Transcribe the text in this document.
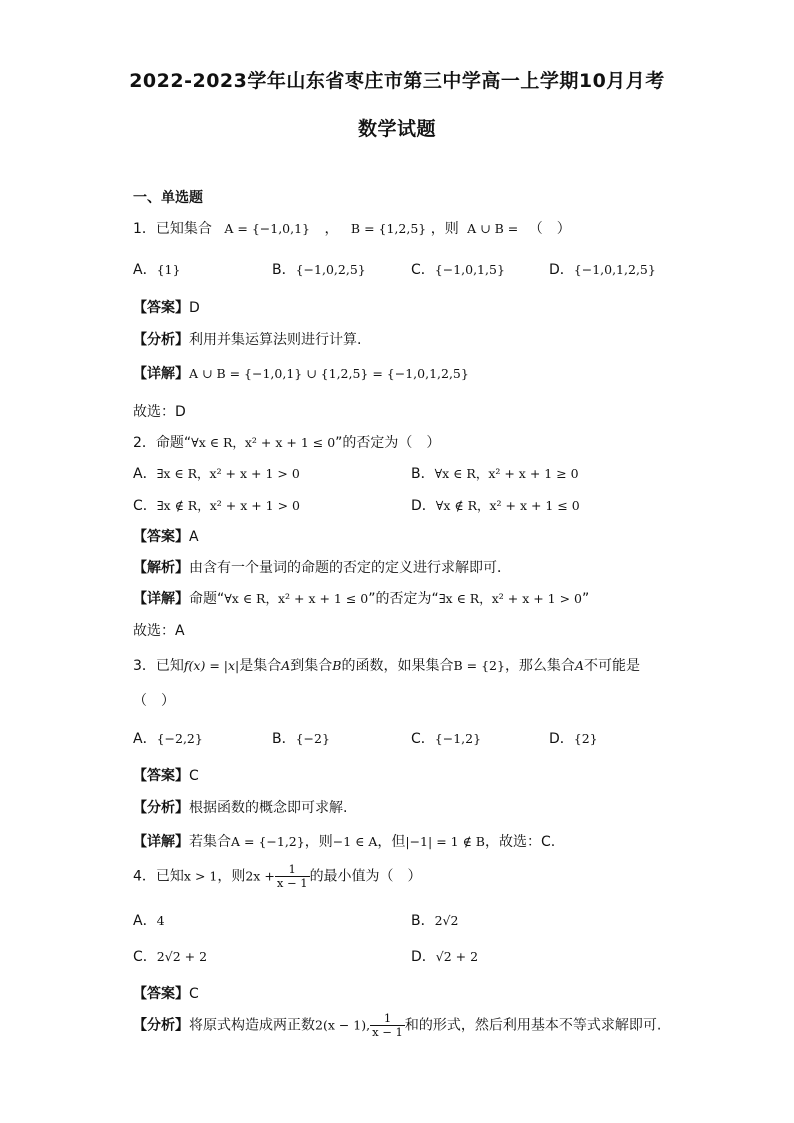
2022-2023学年山东省枣庄市第三中学高一上学期10月月考
数学试题
一、单选题
1．已知集合 A = {−1,0,1} ， B = {1,2,5} ，则 A ∪ B = （　）
A．{1}	B．{−1,0,2,5}	C．{−1,0,1,5}	D．{−1,0,1,2,5}
【答案】D
【分析】利用并集运算法则进行计算.
【详解】A ∪ B = {−1,0,1} ∪ {1,2,5} = {−1,0,1,2,5}
故选：D
2．命题“∀x ∈ R，x² + x + 1 ≤ 0”的否定为（　）
A．∃x ∈ R，x² + x + 1 > 0	B．∀x ∈ R，x² + x + 1 ≥ 0
C．∃x ∉ R，x² + x + 1 > 0	D．∀x ∉ R，x² + x + 1 ≤ 0
【答案】A
【解析】由含有一个量词的命题的否定的定义进行求解即可．
【详解】命题“∀x ∈ R，x² + x + 1 ≤ 0”的否定为“∃x ∈ R，x² + x + 1 > 0”
故选：A
3．已知f(x) = |x|是集合A到集合B的函数，如果集合B = {2}，那么集合A不可能是
（　）
A．{−2,2}	B．{−2}	C．{−1,2}	D．{2}
【答案】C
【分析】根据函数的概念即可求解.
【详解】若集合A = {−1,2}，则−1 ∈ A，但|−1| = 1 ∉ B，故选：C.
4．已知x > 1，则$2x + \frac{1}{x - 1}$ 的最小值为（　）
A．4	B．2√2
C．2√2 + 2	D．√2 + 2
【答案】C
【分析】将原式构造成两正数2(x − 1), $\frac{1}{x - 1}$ 和的形式，然后利用基本不等式求解即可.
